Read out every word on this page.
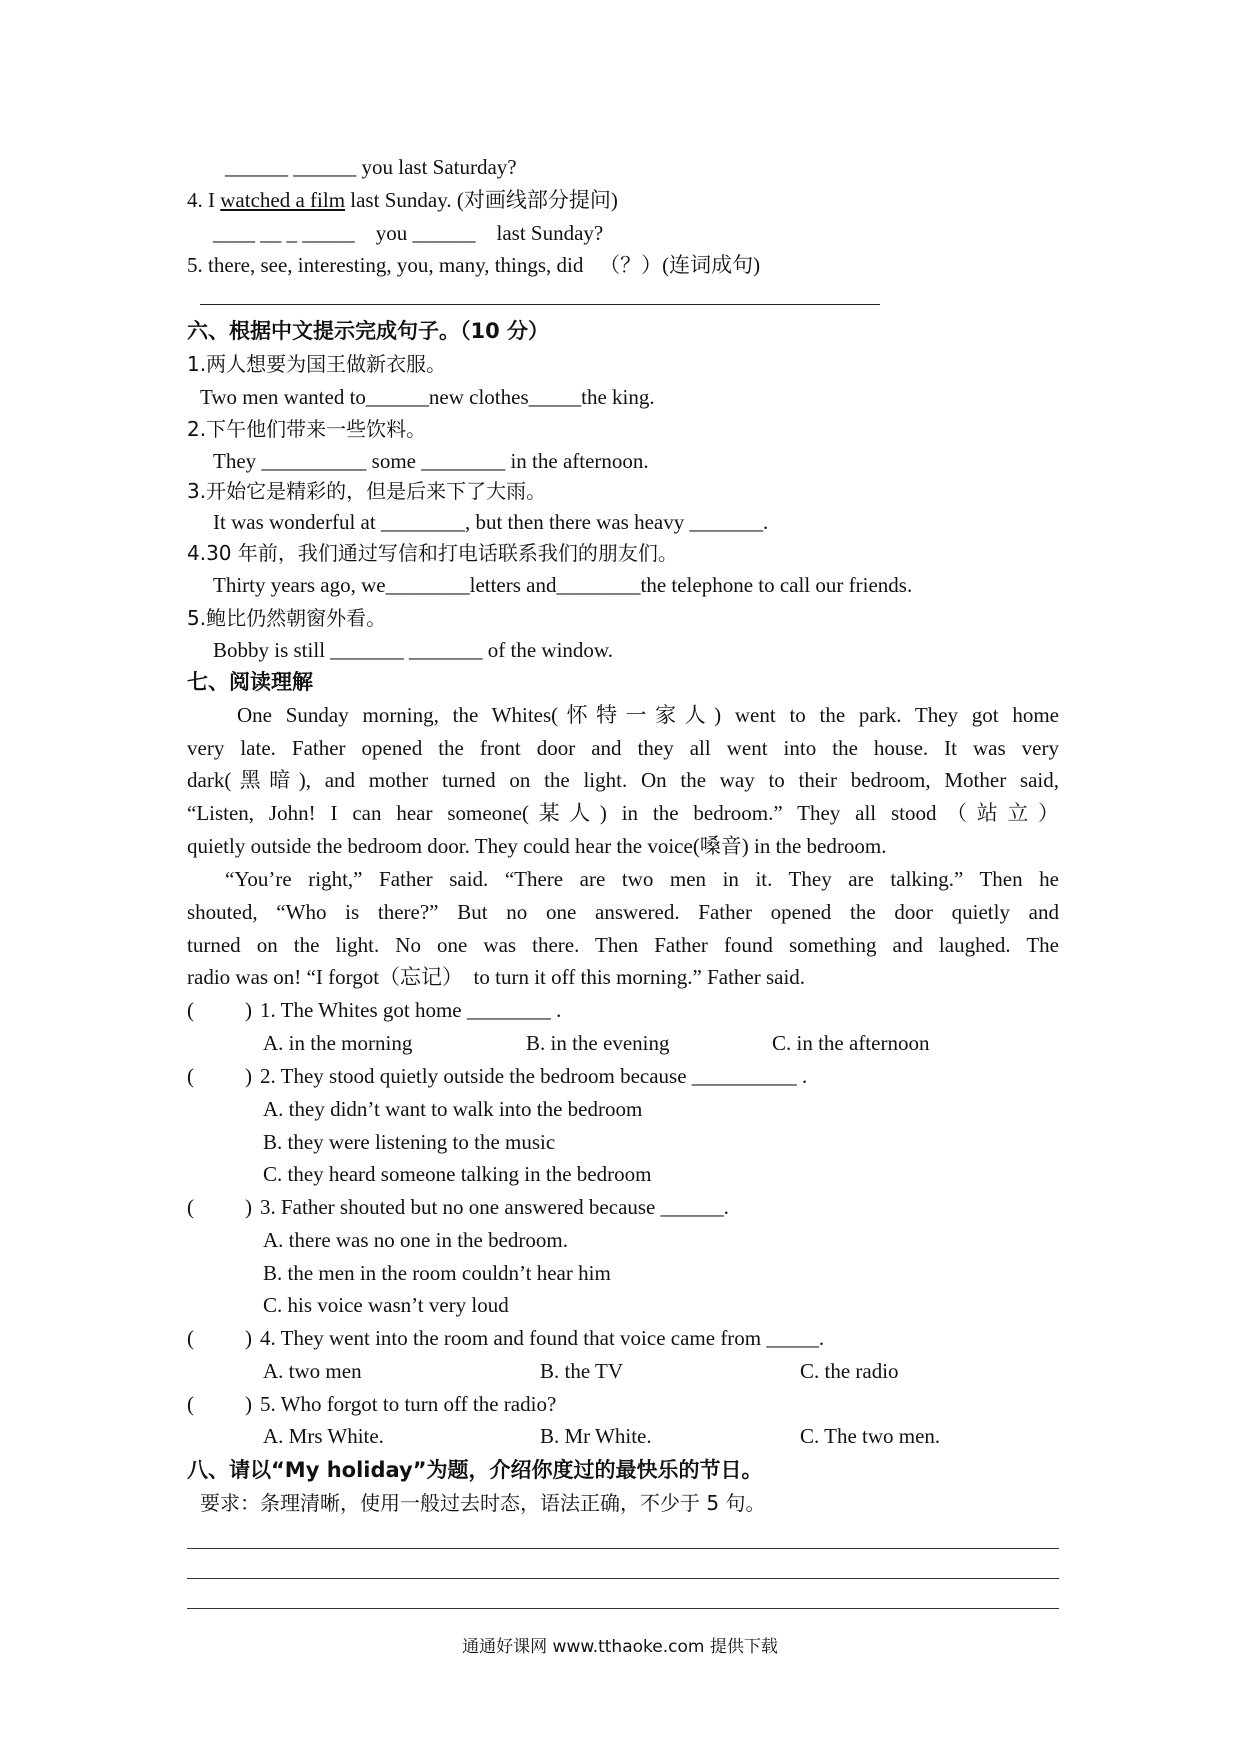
______ ______ you last Saturday?
4. I watched a film last Sunday. (对画线部分提问)
____ __ _ _____    you ______    last Sunday?
5. there, see, interesting, you, many, things, did   （？）(连词成句)
六、根据中文提示完成句子。（10 分）
1.两人想要为国王做新衣服。
Two men wanted to______new clothes_____the king.
2.下午他们带来一些饮料。
They __________ some ________ in the afternoon.
3.开始它是精彩的，但是后来下了大雨。
It was wonderful at ________, but then there was heavy _______.
4.30 年前，我们通过写信和打电话联系我们的朋友们。
Thirty years ago, we________letters and________the telephone to call our friends.
5.鲍比仍然朝窗外看。
Bobby is still _______ _______ of the window.
七、阅读理解
One Sunday morning, the Whites(怀特一家人) went to the park. They got home
very late. Father opened the front door and they all went into the house. It was very
dark(黑暗), and mother turned on the light. On the way to their bedroom, Mother said,
“Listen, John! I can hear someone(某人) in the bedroom.” They all stood（站立）
quietly outside the bedroom door. They could hear the voice(嗓音) in the bedroom.
“You’re right,” Father said. “There are two men in it. They are talking.” Then he
shouted, “Who is there?” But no one answered. Father opened the door quietly and
turned on the light. No one was there. Then Father found something and laughed. The
radio was on! “I forgot（忘记）  to turn it off this morning.” Father said.
( ) 1. The Whites got home ________ .
A. in the morning	B. in the evening	C. in the afternoon
( ) 2. They stood quietly outside the bedroom because __________ .
A. they didn’t want to walk into the bedroom
B. they were listening to the music
C. they heard someone talking in the bedroom
( ) 3. Father shouted but no one answered because ______.
A. there was no one in the bedroom.
B. the men in the room couldn’t hear him
C. his voice wasn’t very loud
( ) 4. They went into the room and found that voice came from _____.
A. two men	B. the TV	C. the radio
( ) 5. Who forgot to turn off the radio?
A. Mrs White.	B. Mr White.	C. The two men.
八、请以“My holiday”为题，介绍你度过的最快乐的节日。
要求：条理清晰，使用一般过去时态，语法正确，不少于 5 句。
通通好课网 www.tthaoke.com 提供下载
